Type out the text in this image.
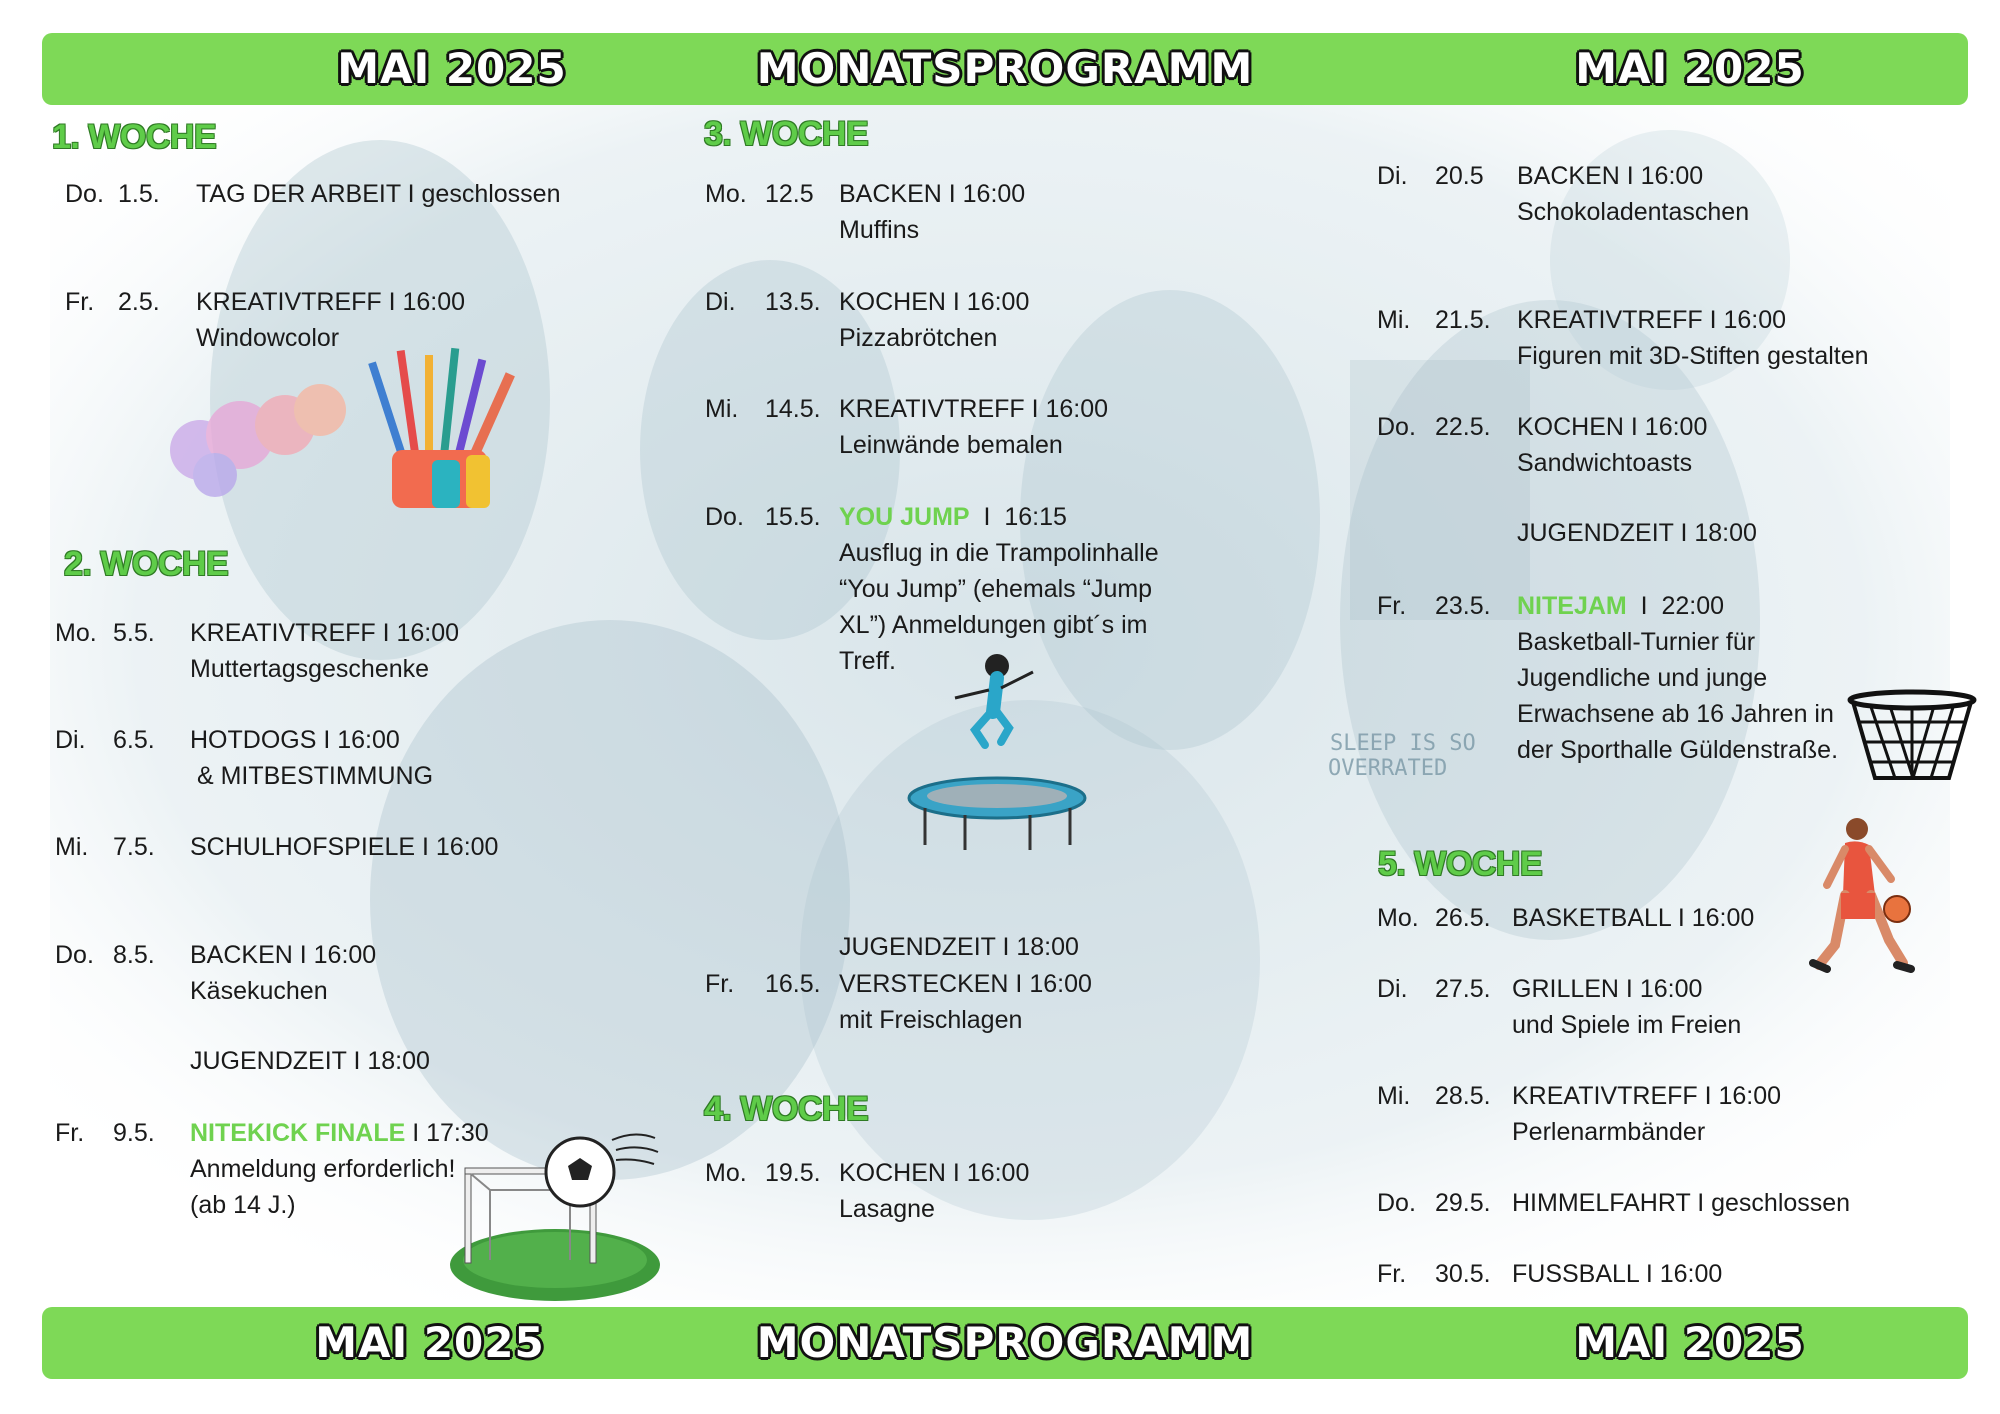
SLEEP IS SO
OVERRATED
MAI 2025	MONATSPROGRAMM	MAI 2025
MAI 2025	MONATSPROGRAMM	MAI 2025
1. WOCHE
2. WOCHE
3. WOCHE
4. WOCHE
5. WOCHE
Do. 1.5. TAG DER ARBEIT I geschlossen
Fr. 2.5. KREATIVTREFF I 16:00
Windowcolor
Mo. 5.5. KREATIVTREFF I 16:00
Muttertagsgeschenke
Di. 6.5. HOTDOGS I 16:00
& MITBESTIMMUNG
Mi. 7.5. SCHULHOFSPIELE I 16:00
Do. 8.5. BACKEN I 16:00
Käsekuchen
JUGENDZEIT I 18:00
Fr. 9.5. NITEKICK FINALE I 17:30
Anmeldung erforderlich!
(ab 14 J.)
Mo. 12.5 BACKEN I 16:00
Muffins
Di. 13.5. KOCHEN I 16:00
Pizzabrötchen
Mi. 14.5. KREATIVTREFF I 16:00
Leinwände bemalen
Do. 15.5. YOU JUMP  I  16:15
Ausflug in die Trampolinhalle “You Jump” (ehemals “Jump XL”) Anmeldungen gibt´s im Treff.
JUGENDZEIT I 18:00
Fr. 16.5. VERSTECKEN I 16:00
mit Freischlagen
Mo. 19.5. KOCHEN I 16:00
Lasagne
Di. 20.5 BACKEN I 16:00
Schokoladentaschen
Mi. 21.5. KREATIVTREFF I 16:00
Figuren mit 3D-Stiften gestalten
Do. 22.5. KOCHEN I 16:00
Sandwichtoasts
JUGENDZEIT I 18:00
Fr. 23.5. NITEJAM  I  22:00
Basketball-Turnier für Jugendliche und junge Erwachsene ab 16 Jahren in der Sporthalle Güldenstraße.
Mo. 26.5. BASKETBALL I 16:00
Di. 27.5. GRILLEN I 16:00
und Spiele im Freien
Mi. 28.5. KREATIVTREFF I 16:00
Perlenarmbänder
Do. 29.5. HIMMELFAHRT I geschlossen
Fr. 30.5. FUSSBALL I 16:00
